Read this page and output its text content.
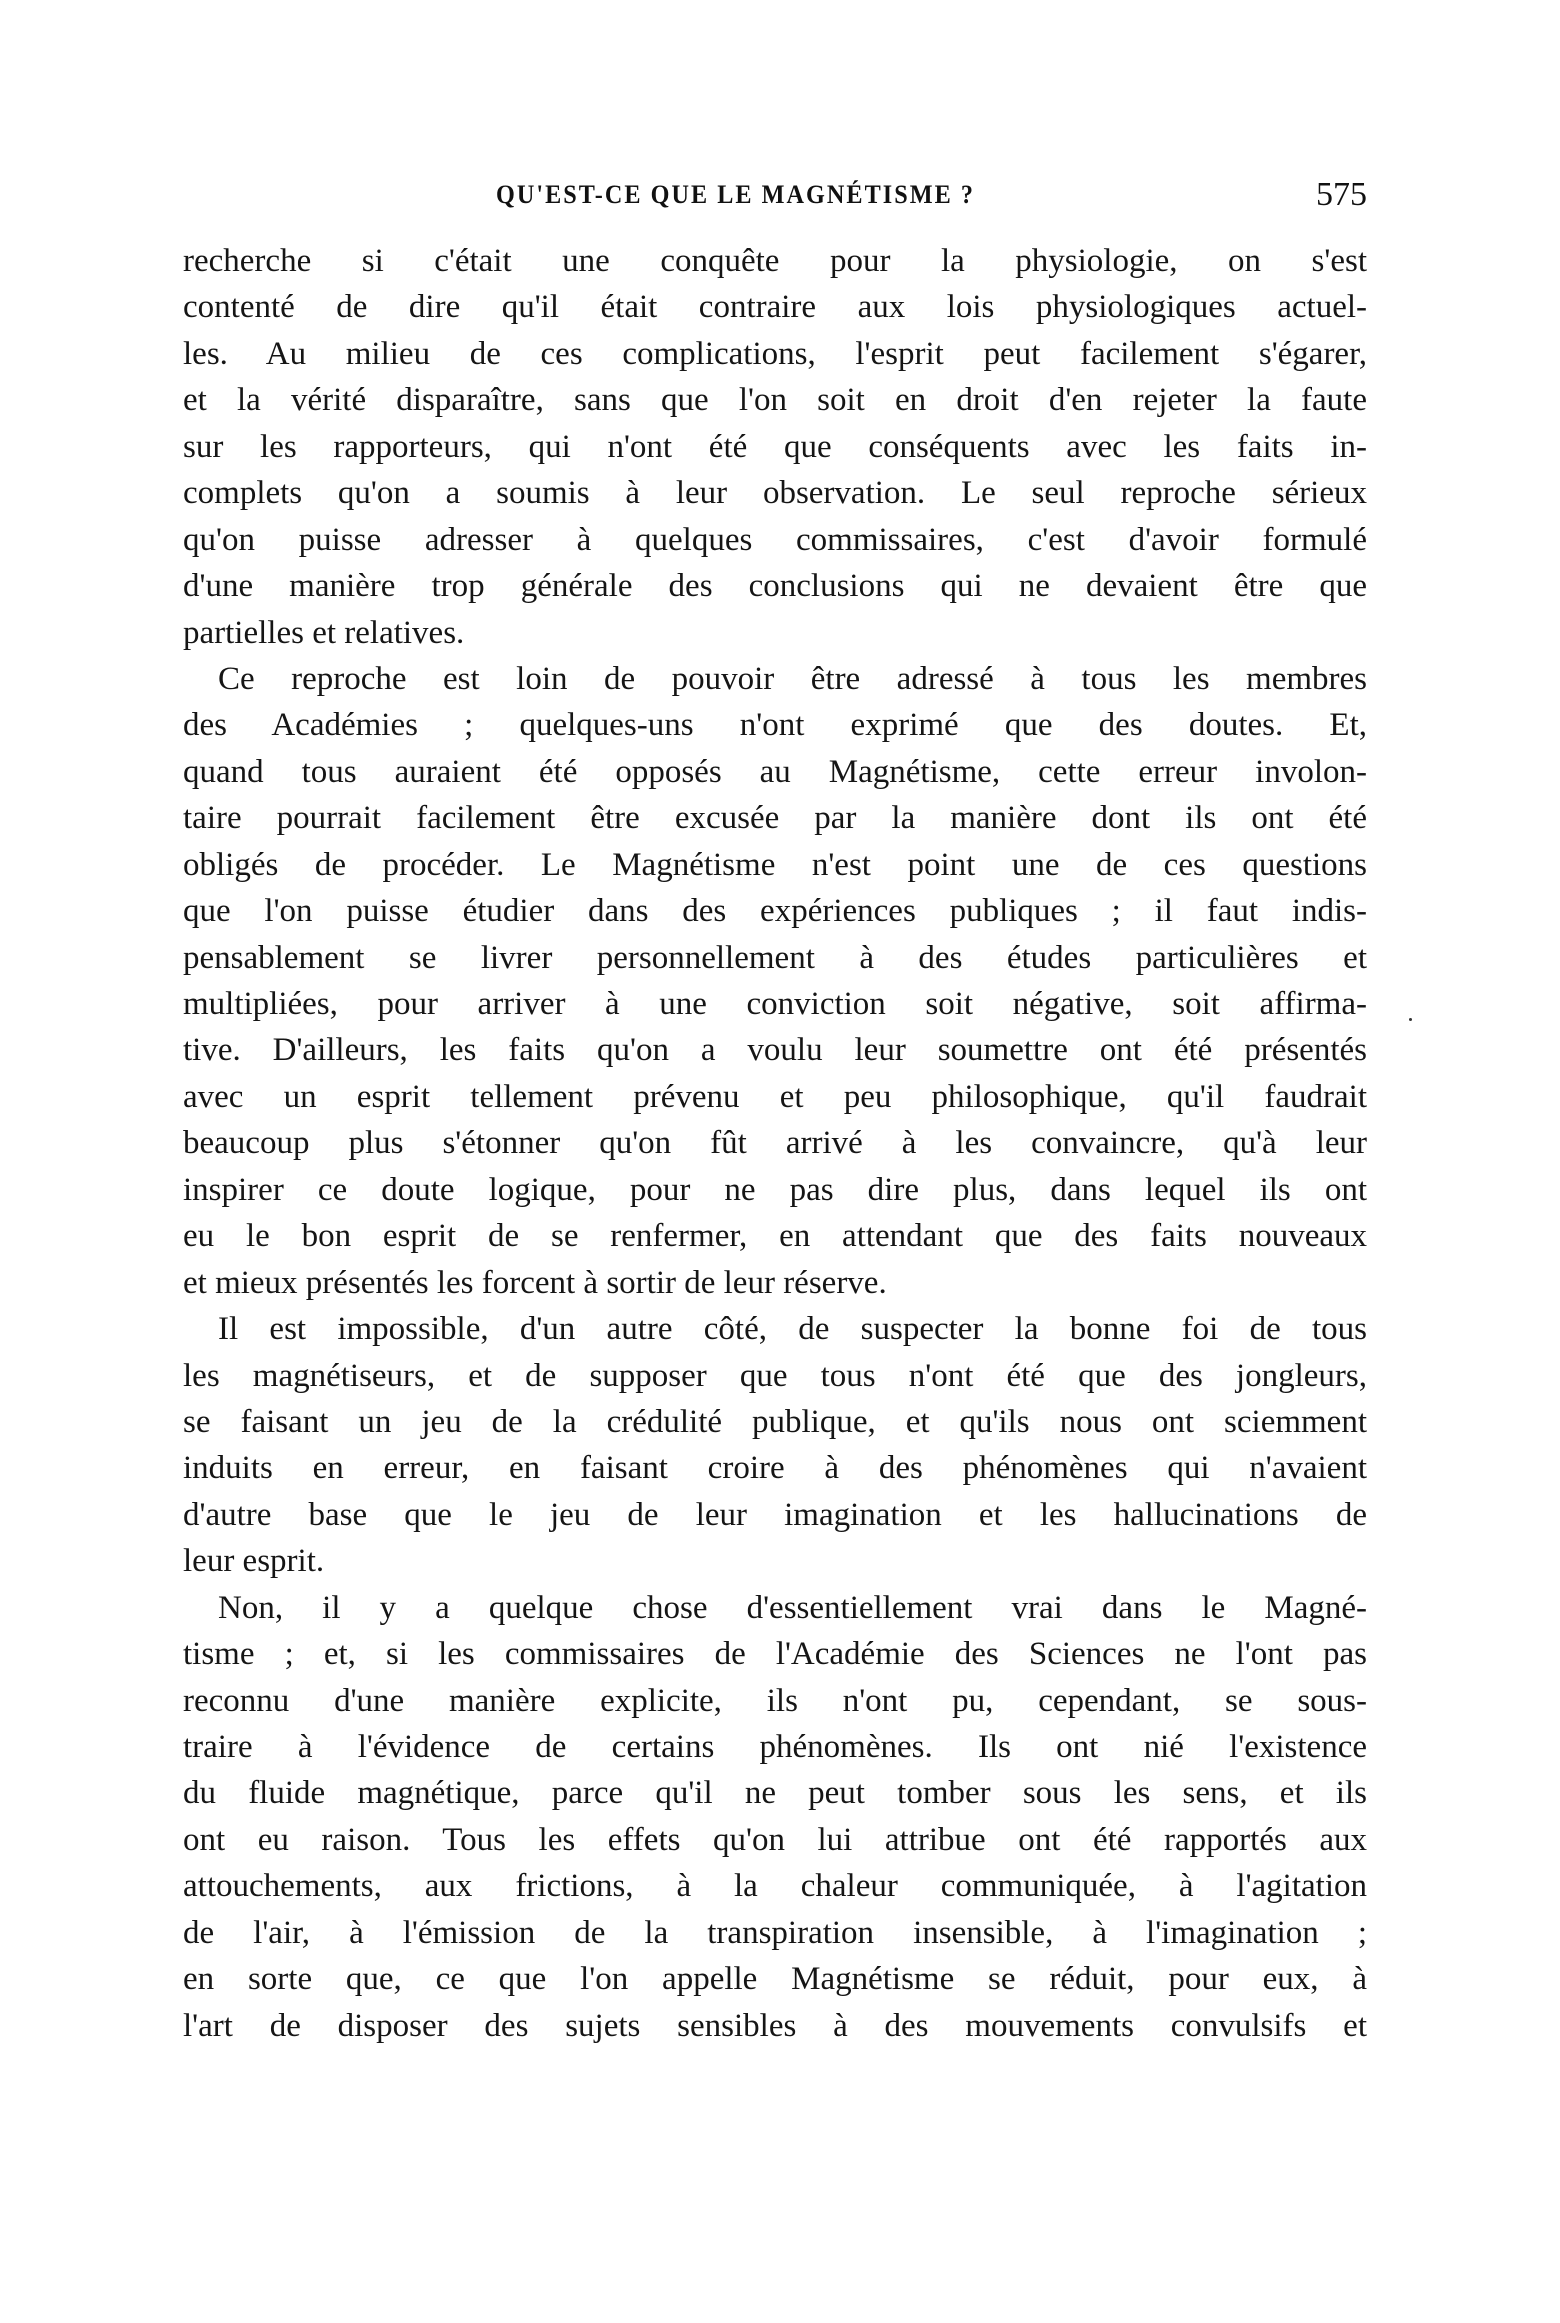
QU'EST-CE QUE LE MAGNÉTISME ?	575
recherche si c'était une conquête pour la physiologie, on s'est
contenté de dire qu'il était contraire aux lois physiologiques actuel-
les. Au milieu de ces complications, l'esprit peut facilement s'égarer,
et la vérité disparaître, sans que l'on soit en droit d'en rejeter la faute
sur les rapporteurs, qui n'ont été que conséquents avec les faits in-
complets qu'on a soumis à leur observation. Le seul reproche sérieux
qu'on puisse adresser à quelques commissaires, c'est d'avoir formulé
d'une manière trop générale des conclusions qui ne devaient être que
partielles et relatives.
Ce reproche est loin de pouvoir être adressé à tous les membres
des Académies ; quelques-uns n'ont exprimé que des doutes. Et,
quand tous auraient été opposés au Magnétisme, cette erreur involon-
taire pourrait facilement être excusée par la manière dont ils ont été
obligés de procéder. Le Magnétisme n'est point une de ces questions
que l'on puisse étudier dans des expériences publiques ; il faut indis-
pensablement se livrer personnellement à des études particulières et
multipliées, pour arriver à une conviction soit négative, soit affirma-
tive. D'ailleurs, les faits qu'on a voulu leur soumettre ont été présentés
avec un esprit tellement prévenu et peu philosophique, qu'il faudrait
beaucoup plus s'étonner qu'on fût arrivé à les convaincre, qu'à leur
inspirer ce doute logique, pour ne pas dire plus, dans lequel ils ont
eu le bon esprit de se renfermer, en attendant que des faits nouveaux
et mieux présentés les forcent à sortir de leur réserve.
Il est impossible, d'un autre côté, de suspecter la bonne foi de tous
les magnétiseurs, et de supposer que tous n'ont été que des jongleurs,
se faisant un jeu de la crédulité publique, et qu'ils nous ont sciemment
induits en erreur, en faisant croire à des phénomènes qui n'avaient
d'autre base que le jeu de leur imagination et les hallucinations de
leur esprit.
Non, il y a quelque chose d'essentiellement vrai dans le Magné-
tisme ; et, si les commissaires de l'Académie des Sciences ne l'ont pas
reconnu d'une manière explicite, ils n'ont pu, cependant, se sous-
traire à l'évidence de certains phénomènes. Ils ont nié l'existence
du fluide magnétique, parce qu'il ne peut tomber sous les sens, et ils
ont eu raison. Tous les effets qu'on lui attribue ont été rapportés aux
attouchements, aux frictions, à la chaleur communiquée, à l'agitation
de l'air, à l'émission de la transpiration insensible, à l'imagination ;
en sorte que, ce que l'on appelle Magnétisme se réduit, pour eux, à
l'art de disposer des sujets sensibles à des mouvements convulsifs et
